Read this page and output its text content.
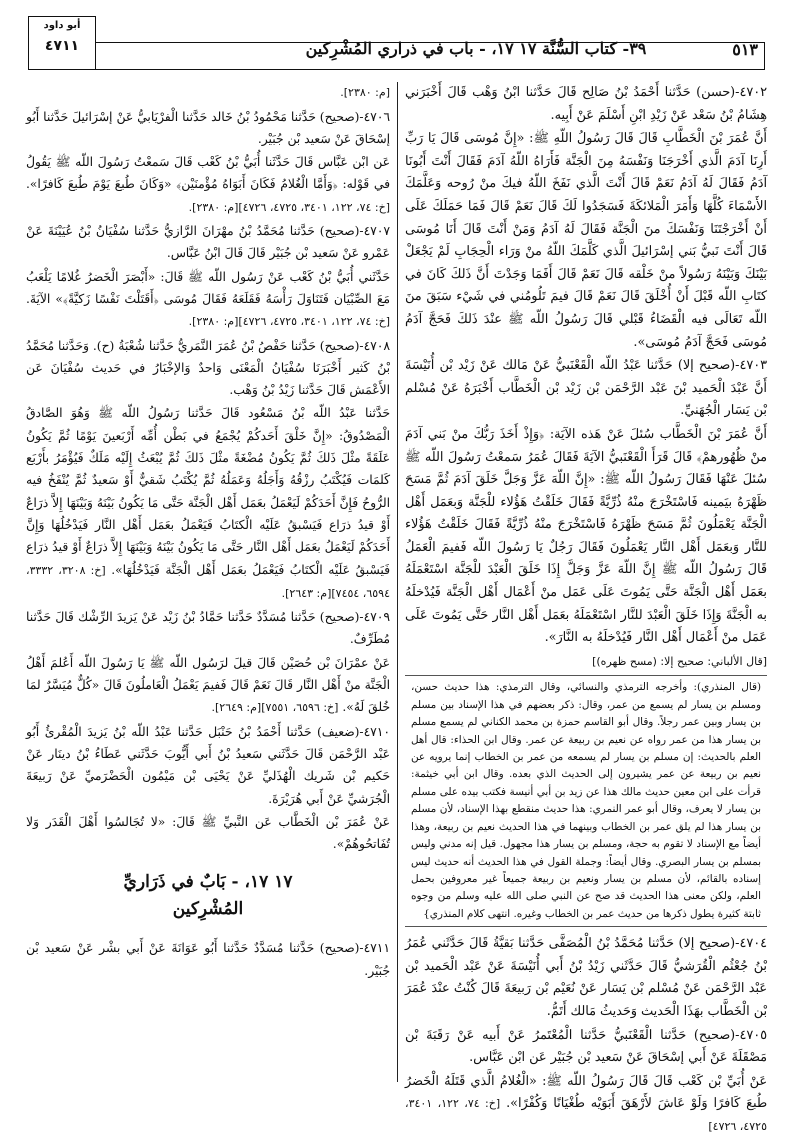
أبو داود
٤٧١١	٣٩- كتاب السُّنَّة ١٧ ١٧، - باب في ذراري المُشْرِكين	٥١٣

٤٧٠٢-(حسن) حَدَّثنا أَحْمَدُ بْنُ صَالِح قَالَ حَدَّثنا ابْنُ وَهْب قَالَ أَخْبَرَني هِشَامُ بْنُ سَعْد عَنْ زَيْدِ ابْنِ أَسْلَمَ عَنْ أَبِيه.

أَنَّ عُمَرَ بْنَ الْخَطَّابِ قَالَ قَالَ رَسُولُ اللّهِ ﷺ: «إِنَّ مُوسَى قَالَ يَا رَبِّ أَرِنَا آدَمَ الَّذي أَخْرَجَنَا وَنَفْسَهُ مِنَ الْجَنَّة فَأَرَاهُ اللّهُ آدَمَ فَقَالَ أَنْتَ أَبُونَا آدَمُ فَقَالَ لَهُ آدَمُ نَعَمْ قَالَ أَنْتَ الَّذي نَفَخَ اللّهُ فيكَ منْ رُوحه وَعَلَّمَكَ الأَسْمَاءَ كُلَّهَا وَأَمَرَ الْمَلائكَةَ فَسَجَدُوا لَكَ قَالَ نَعَمْ قَالَ فَمَا حَمَلَكَ عَلَى أَنْ أَخْرَجْتَنَا وَنَفْسَكَ منَ الْجَنَّة فَقَالَ لَهُ آدَمُ وَمَنْ أَنْتَ قَالَ أَنَا مُوسَى قَالَ أَنْتَ نَبيُّ بَني إسْرَائيلَ الَّذي كَلَّمَكَ اللّهُ منْ وَرَاء الْحِجَابِ لَمْ يَجْعَلْ بَيْنَكَ وَبَيْنَهُ رَسُولاً منْ خَلْقه قَالَ نَعَمْ قَالَ أَفَمَا وَجَدْتَ أَنَّ ذَلكَ كَانَ في كتَابِ اللّه قَبْلَ أَنْ أُخْلَقَ قَالَ نَعَمْ قَالَ فيمَ تَلُومُني في شَيْء سَبَقَ منَ اللّه تَعَالَى فيه الْقَضَاءُ قَبْلي قَالَ رَسُولُ اللّه ﷺ عنْدَ ذَلكَ فَحَجَّ آدَمُ مُوسَى فَحَجَّ آدَمُ مُوسَى».

٤٧٠٣-(صحيح إلا) حَدَّثنا عَبْدُ اللّه الْقَعْنَبيُّ عَنْ مَالك عَنْ زَيْد بْن أُنَيْسَةَ أَنَّ عَبْدَ الْحَميد بْنَ عَبْد الرَّحْمَن بْن زَيْد بْن الْخَطَّاب أَخْبَرَهُ عَنْ مُسْلم بْن يَسَار الْجُهَنيِّ.

أَنَّ عُمَرَ بْنَ الْخَطَّاب سُئلَ عَنْ هَذه الآيَة: ﴿وَإِذْ أَخَذَ رَبُّكَ منْ بَني آدَمَ منْ ظُهُورهمْ﴾ قَالَ قَرَأَ الْقَعْنَبيُّ الآيَةَ فَقَالَ عُمَرُ سَمعْتُ رَسُولَ اللّه ﷺ سُئلَ عَنْهَا فَقَالَ رَسُولُ اللّه ﷺ: «إِنَّ اللّهَ عَزَّ وَجَلَّ خَلَقَ آدَمَ ثُمَّ مَسَحَ ظَهْرَهُ بيَمينه فَاسْتَخْرَجَ منْهُ ذُرِّيَّةً فَقَالَ خَلَقْتُ هَؤُلاء للْجَنَّة وَبعَمَل أَهْل الْجَنَّة يَعْمَلُونَ ثُمَّ مَسَحَ ظَهْرَهُ فَاسْتَخْرَجَ منْهُ ذُرِّيَّةً فَقَالَ خَلَقْتُ هَؤُلاء للنَّار وَبعَمَل أَهْل النَّار يَعْمَلُونَ فَقَالَ رَجُلٌ يَا رَسُولَ اللّه فَفيمَ الْعَمَلُ قَالَ رَسُولُ اللّه ﷺ إِنَّ اللّهَ عَزَّ وَجَلَّ إِذَا خَلَقَ الْعَبْدَ للْجَنَّة اسْتَعْمَلَهُ بعَمَل أَهْل الْجَنَّة حَتَّى يَمُوتَ عَلَى عَمَل منْ أَعْمَال أَهْل الْجَنَّة فَيُدْخلَهُ به الْجَنَّةَ وَإِذَا خَلَقَ الْعَبْدَ للنَّار اسْتَعْمَلَهُ بعَمَل أَهْل النَّار حَتَّى يَمُوتَ عَلَى عَمَل منْ أَعْمَال أَهْل النَّار فَيُدْخلَهُ به النَّارَ».

[قال الألباني: صحيح إلا: (مسح ظهره)]

(قال المنذري): وأخرجه الترمذي والنسائي، وقال الترمذي: هذا حديث حسن، ومسلم بن يسار لم يسمع من عمر، وقال: ذكر بعضهم في هذا الإسناد بين مسلم بن يسار وبين عمر رجلاً. وقال أبو القاسم حمزة بن محمد الكناني لم يسمع مسلم بن يسار هذا من عمر رواه عن نعيم بن ربيعة عن عمر. وقال ابن الحذاء: قال أهل العلم بالحديث: إن مسلم بن يسار لم يسمعه من عمر بن الخطاب إنما يرويه عن نعيم بن ربيعة عن عمر يشيرون إلى الحديث الذي بعده. وقال ابن أبي خيثمة: قرأت على ابن معين حديث مالك هذا عن زيد بن أبي أنيسة فكتب بيده على مسلم بن يسار لا يعرف، وقال أبو عمر النمري: هذا حديث منقطع بهذا الإسناد، لأن مسلم بن يسار هذا لم يلق عمر بن الخطاب وبينهما في هذا الحديث نعيم بن ربيعة، وهذا أيضاً مع الإسناد لا تقوم به حجة، ومسلم بن يسار هذا مجهول. قيل إنه مدني وليس بمسلم بن يسار البصري. وقال أيضاً: وجملة القول في هذا الحديث أنه حديث ليس إسناده بالقائم، لأن مسلم بن يسار ونعيم بن ربيعة جميعاً غير معروفين بحمل العلم، ولكن معنى هذا الحديث قد صح عن النبي صلى الله عليه وسلم من وجوه ثابتة كثيرة يطول ذكرها من حديث عمر بن الخطاب وغيره. انتهى كلام المنذري}

٤٧٠٤-(صحيح إلا) حَدَّثنا مُحَمَّدُ بْنُ الْمُصَفَّى حَدَّثنا بَقيَّةُ قَالَ حَدَّثَني عُمَرُ بْنُ جُعْثُم الْقُرَشيُّ قَالَ حَدَّثَني زَيْدُ بْنُ أَبي أُنَيْسَةَ عَنْ عَبْد الْحَميد بْن عَبْد الرَّحْمَن عَنْ مُسْلم بْن يَسَار عَنْ نُعَيْم بْن رَبيعَةَ قَالَ كُنْتُ عنْدَ عُمَرَ بْن الْخَطَّاب بهَذَا الْحَديث وَحَديثُ مَالك أَتَمُّ.

٤٧٠٥-(صحيح) حَدَّثنا الْقَعْنَبيُّ حَدَّثنا الْمُعْتَمرُ عَنْ أَبيه عَنْ رَقَبَةَ بْن مَصْقَلَةَ عَنْ أَبي إسْحَاقَ عَنْ سَعيد بْن جُبَيْر عَن ابْن عَبَّاس.

عَنْ أُبَيِّ بْن كَعْب قَالَ قَالَ رَسُولُ اللّه ﷺ: «الْغُلامُ الَّذي قَتَلَهُ الْخَضرُ طُبعَ كَافرًا وَلَوْ عَاشَ لأَرْهَقَ أَبَوَيْه طُغْيَانًا وَكُفْرًا». [خ: ٧٤، ١٢٢، ٣٤٠١، ٤٧٢٥، ٤٧٢٦]

[م: ٢٣٨٠].

٤٧٠٦-(صحيح) حَدَّثنا مَحْمُودُ بْنُ خَالد حَدَّثنا الْفرْيَابيُّ عَنْ إسْرَائيلَ حَدَّثنا أَبُو إسْحَاقَ عَنْ سَعيد بْن جُبَيْر.

عَن ابْن عَبَّاس قَالَ حَدَّثَنا أُبَيُّ بْنُ كَعْب قَالَ سَمعْتُ رَسُولَ اللّه ﷺ يَقُولُ في قَوْله: ﴿وَأَمَّا الْغُلامُ فَكَانَ أَبَوَاهُ مُؤْمنَيْن﴾ «وَكَانَ طُبعَ يَوْمَ طُبعَ كَافرًا». [خ: ٧٤، ١٢٢، ٣٤٠١، ٤٧٢٥، ٤٧٢٦][م: ٢٣٨٠].

٤٧٠٧-(صحيح) حَدَّثنا مُحَمَّدُ بْنُ مهْرَانَ الرَّازيُّ حَدَّثنا سُفْيَانُ بْنُ عُيَيْنَةَ عَنْ عَمْرو عَنْ سَعيد بْن جُبَيْر قَالَ قَالَ ابْنُ عَبَّاس.

حَدَّثَني أُبَيُّ بْنُ كَعْب عَنْ رَسُول اللّه ﷺ قَالَ: «أَبْصَرَ الْخَضرُ غُلامًا يَلْعَبُ مَعَ الصِّبْيَان فَتَنَاوَلَ رَأْسَهُ فَقَلَعَهُ فَقَالَ مُوسَى ﴿أَقَتَلْتَ نَفْسًا زَكيَّةً﴾» الآيَةَ. [خ: ٧٤، ١٢٢، ٣٤٠١، ٤٧٢٥، ٤٧٢٦][م: ٢٣٨٠].

٤٧٠٨-(صحيح) حَدَّثنا حَفْصُ بْنُ عُمَرَ النَّمَريُّ حَدَّثنا شُعْبَةُ (ح). وَحَدَّثنا مُحَمَّدُ بْنُ كَثير أَخْبَرَنَا سُفْيَانُ الْمَعْنَى وَاحدٌ وَالإخْبَارُ في حَديث سُفْيَانَ عَن الأَعْمَش قَالَ حَدَّثنا زَيْدُ بْنُ وَهْب.

حَدَّثنا عَبْدُ اللّه بْنُ مَسْعُود قَالَ حَدَّثنا رَسُولُ اللّه ﷺ وَهُوَ الصَّادقُ الْمَصْدُوقُ: «إِنَّ خَلْقَ أَحَدكُمْ يُجْمَعُ في بَطْن أُمِّه أَرْبَعينَ يَوْمًا ثُمَّ يَكُونُ عَلَقَةً مثْلَ ذَلكَ ثُمَّ يَكُونُ مُضْغَةً مثْلَ ذَلكَ ثُمَّ يُبْعَثُ إِلَيْه مَلَكٌ فَيُؤْمَرُ بأَرْبَع كَلمَات فَيُكْتَبُ رزْقُهُ وَأَجَلُهُ وَعَمَلُهُ ثُمَّ يُكْتَبُ شَقيٌّ أَوْ سَعيدٌ ثُمَّ يُنْفَخُ فيه الرُّوحُ فَإِنَّ أَحَدَكُمْ لَيَعْمَلُ بعَمَل أَهْل الْجَنَّة حَتَّى مَا يَكُونُ بَيْنَهُ وَبَيْنَهَا إِلاَّ ذرَاعٌ أَوْ قيدُ ذرَاع فَيَسْبقُ عَلَيْه الْكتَابُ فَيَعْمَلُ بعَمَل أَهْل النَّار فَيَدْخُلُهَا وَإِنَّ أَحَدَكُمْ لَيَعْمَلُ بعَمَل أَهْل النَّار حَتَّى مَا يَكُونُ بَيْنَهُ وَبَيْنَهَا إِلاَّ ذرَاعٌ أَوْ قيدُ ذرَاع فَيَسْبقُ عَلَيْه الْكتَابُ فَيَعْمَلُ بعَمَل أَهْل الْجَنَّة فَيَدْخُلُهَا». [خ: ٣٢٠٨، ٣٣٣٢، ٦٥٩٤، ٧٤٥٤][م: ٢٦٤٣].

٤٧٠٩-(صحيح) حَدَّثنا مُسَدَّدٌ حَدَّثنا حَمَّادُ بْنُ زَيْد عَنْ يَزيدَ الرِّشْك قَالَ حَدَّثنا مُطَرِّفٌ.

عَنْ عمْرَانَ بْن حُصَيْن قَالَ قيلَ لرَسُول اللّه ﷺ يَا رَسُولَ اللّه أَعُلمَ أَهْلُ الْجَنَّة منْ أَهْل النَّار قَالَ نَعَمْ قَالَ فَفيمَ يَعْمَلُ الْعَاملُونَ قَالَ «كُلٌّ مُيَسَّرٌ لمَا خُلقَ لَهُ». [خ: ٦٥٩٦، ٧٥٥١][م: ٢٦٤٩].

٤٧١٠-(ضعيف) حَدَّثنا أَحْمَدُ بْنُ حَنْبَل حَدَّثنا عَبْدُ اللّه بْنُ يَزيدَ الْمُقْرئُ أَبُو عَبْد الرَّحْمَن قَالَ حَدَّثَني سَعيدُ بْنُ أَبي أَيُّوبَ حَدَّثَني عَطَاءُ بْنُ دينَار عَنْ حَكيم بْن شَريك الْهُذَليِّ عَنْ يَحْيَى بْن مَيْمُون الْحَضْرَميِّ عَنْ رَبيعَةَ الْجُرَشيِّ عَنْ أَبي هُرَيْرَةَ.

عَنْ عُمَرَ بْن الْخَطَّاب عَن النَّبيِّ ﷺ قَالَ: «لا تُجَالسُوا أَهْلَ الْقَدَر وَلا تُفَاتحُوهُمْ».

١٧ ١٧، - بَابٌ في ذَرَاريِّ
المُشْرِكين

٤٧١١-(صحيح) حَدَّثنا مُسَدَّدٌ حَدَّثنا أَبُو عَوَانَةَ عَنْ أَبي بشْر عَنْ سَعيد بْن جُبَيْر.
